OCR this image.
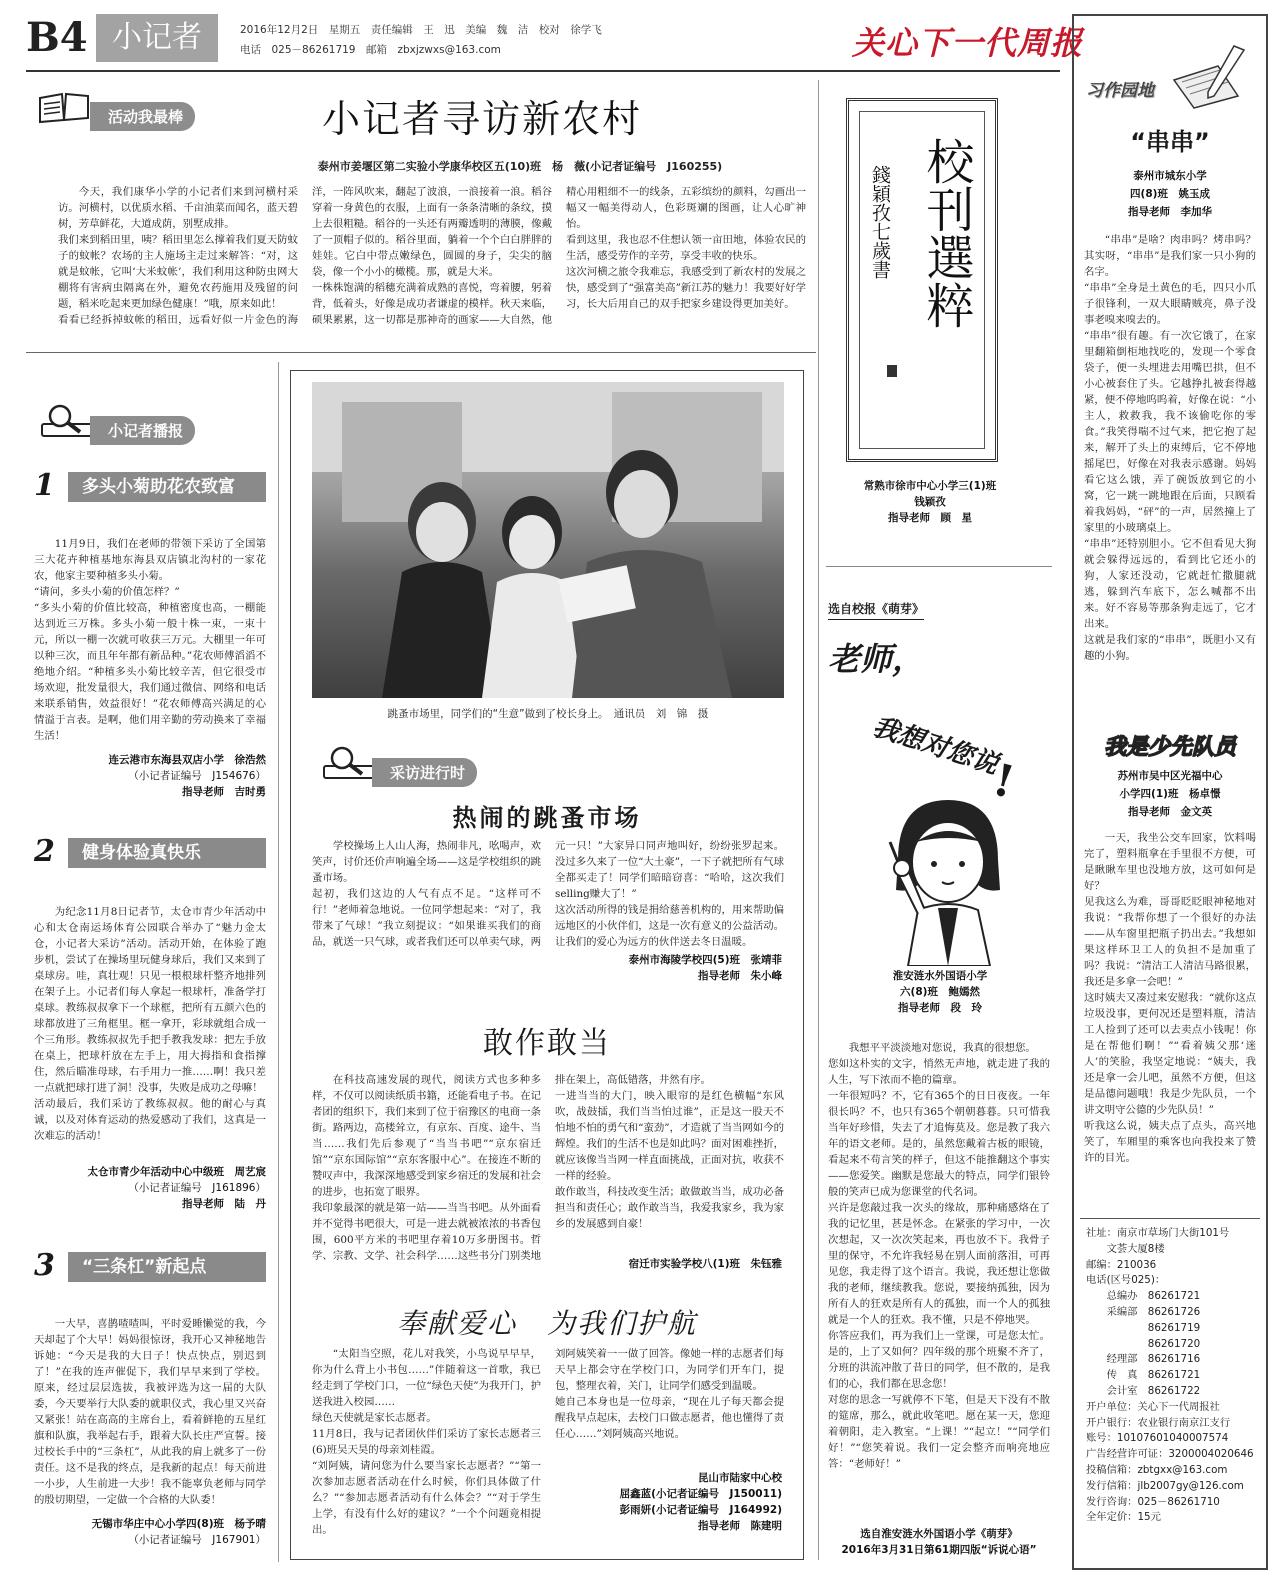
B4 小记者	2016年12月2日　星期五　责任编辑　王　迅　美编　魏　洁　校对　徐学飞
电话　025－86261719　邮箱　zbxjzwxs@163.com	关心下一代周报
活动我最棒	小记者寻访新农村
泰州市姜堰区第二实验小学康华校区五(10)班　杨　薇(小记者证编号　J160255)
今天，我们康华小学的小记者们来到河横村采访。河横村，以优质水稻、千亩油菜而闻名，蓝天碧树，芳草鲜花，大道成荫，别墅成排。
我们来到稻田里，咦？稻田里怎么撑着我们夏天防蚊子的蚊帐？农场的主人施场主走过来解答：“对，这就是蚊帐，它叫‘大米蚊帐’，我们利用这种防虫网大棚将有害病虫隔离在外，避免农药施用及残留的问题，稻米吃起来更加绿色健康！”哦，原来如此！
看看已经拆掉蚊帐的稻田，远看好似一片金色的海洋，一阵风吹来，翻起了波浪，一浪接着一浪。稻谷穿着一身黄色的衣服，上面有一条条清晰的条纹，摸上去很粗糙。稻谷的一头还有两瓣透明的薄膜，像戴了一顶帽子似的。稻谷里面，躺着一个个白白胖胖的娃娃。它白中带点嫩绿色，圆圆的身子，尖尖的脑袋，像一个小小的橄榄。那，就是大米。
一株株饱满的稻穗充满着成熟的喜悦，弯着腰，躬着背，低着头，好像是成功者谦虚的模样。秋天来临，硕果累累，这一切都是那神奇的画家——大自然，他精心用粗细不一的线条，五彩缤纷的颜料，勾画出一幅又一幅美得动人，色彩斑斓的图画，让人心旷神怡。
看到这里，我也忍不住想认领一亩田地，体验农民的生活，感受劳作的辛劳，享受丰收的快乐。
这次河横之旅令我难忘，我感受到了新农村的发展之快，感受到了“强富美高”新江苏的魅力！我要好好学习，长大后用自己的双手把家乡建设得更加美好。
錢穎孜七歲書 校刊選粹
常熟市徐市中心小学三(1)班
钱颖孜
指导老师　顾　星
小记者播报
1	多头小菊助花农致富
11月9日，我们在老师的带领下采访了全国第三大花卉种植基地东海县双店镇北沟村的一家花农，他家主要种植多头小菊。
“请问，多头小菊的价值怎样？”
“多头小菊的价值比较高，种植密度也高，一棚能达到近三万株。多头小菊一般十株一束，一束十元，所以一棚一次就可收获三万元。大棚里一年可以种三次，而且年年都有新品种。”花农师傅滔滔不绝地介绍。“种植多头小菊比较辛苦，但它很受市场欢迎，批发量很大，我们通过微信、网络和电话来联系销售，效益很好！”花农师傅高兴满足的心情溢于言表。是啊，他们用辛勤的劳动换来了幸福生活！
连云港市东海县双店小学　徐浩然
（小记者证编号　J154676）
指导老师　吉时勇
2	健身体验真快乐
为纪念11月8日记者节，太仓市青少年活动中心和太仓南运场体育公园联合举办了“魅力金太仓，小记者大采访”活动。活动开始，在体验了跑步机，尝试了在操场里玩健身球后，我们又来到了桌球房。哇，真壮观！只见一根根球杆整齐地排列在架子上。小记者们每人拿起一根球杆，准备学打桌球。教练叔叔拿下一个球框，把所有五颜六色的球都放进了三角框里。框一拿开，彩球就组合成一个三角形。教练叔叔先手把手教我发球：把左手放在桌上，把球杆放在左手上，用大拇指和食指撑住，然后瞄准母球，右手用力一推……啊！我只差一点就把球打进了洞！没事，失败是成功之母嘛！
活动最后，我们采访了教练叔叔。他的耐心与真诚，以及对体育运动的热爱感动了我们，这真是一次难忘的活动！
太仓市青少年活动中心中级班　周艺宸
（小记者证编号　J161896）
指导老师　陆　丹
3	“三条杠”新起点
一大早，喜鹊喳喳叫，平时爱睡懒觉的我，今天却起了个大早！妈妈很惊讶，我开心又神秘地告诉她：“今天是我的大日子！快点快点，别迟到了！”在我的连声催促下，我们早早来到了学校。原来，经过层层选拔，我被评选为这一届的大队委，今天要举行大队委的就职仪式，我心里又兴奋又紧张！站在高高的主席台上，看着鲜艳的五星红旗和队旗，我举起右手，跟着大队长庄严宣誓。接过校长手中的“三条杠”，从此我的肩上就多了一份责任。这不是我的终点，是我新的起点！每天前进一小步，人生前进一大步！我不能辜负老师与同学的殷切期望，一定做一个合格的大队委！
无锡市华庄中心小学四(8)班　杨予晴
（小记者证编号　J167901）
跳蚤市场里，同学们的“生意”做到了校长身上。　通讯员　刘　锦　摄
采访进行时
热闹的跳蚤市场
学校操场上人山人海，热闹非凡，吆喝声，欢笑声，讨价还价声响遍全场——这是学校组织的跳蚤市场。
起初，我们这边的人气有点不足。“这样可不行！”老师着急地说。一位同学想起来：“对了，我带来了气球！”我立刻提议：“如果谁买我们的商品，就送一只气球，或者我们还可以单卖气球，两元一只！”大家异口同声地叫好，纷纷张罗起来。没过多久来了一位“大土豪”，一下子就把所有气球全都买走了！同学们暗暗窃喜：“哈哈，这次我们selling赚大了！”
这次活动所得的钱是捐给慈善机构的，用来帮助偏远地区的小伙伴们，这是一次有意义的公益活动。让我们的爱心为远方的伙伴送去冬日温暖。
泰州市海陵学校四(5)班　张靖菲
指导老师　朱小峰
敢作敢当
在科技高速发展的现代，阅读方式也多种多样，不仅可以阅读纸质书籍，还能看电子书。在记者团的组织下，我们来到了位于宿豫区的电商一条街。路两边，高楼耸立，有京东、百度、途牛、当当……我们先后参观了“当当书吧”“京东宿迁馆”“京东国际馆”“京东客服中心”。在接连不断的赞叹声中，我深深地感受到家乡宿迁的发展和社会的进步，也拓宽了眼界。
我印象最深的就是第一站——当当书吧。从外面看并不觉得书吧很大，可是一进去就被浓浓的书香包围，600平方米的书吧里存着10万多册图书。哲学、宗教、文学、社会科学……这些书分门别类地排在架上，高低错落，井然有序。
一进当当的大门，映入眼帘的是红色横幅“东风吹，战鼓擂，我们当当怕过谁”，正是这一股天不怕地不怕的勇气和“蛮劲”，才造就了当当网如今的辉煌。我们的生活不也是如此吗？面对困难挫折，就应该像当当网一样直面挑战，正面对抗，收获不一样的经验。
敢作敢当，科技改变生活；敢做敢当当，成功必备担当和责任心；敢作敢当当，我爱我家乡，我为家乡的发展感到自豪！
宿迁市实验学校八(1)班　朱钰雅
奉献爱心　为我们护航
“太阳当空照，花儿对我笑，小鸟说早早早，你为什么背上小书包……”伴随着这一首歌，我已经走到了学校门口，一位“绿色天使”为我开门，护送我进入校园……
绿色天使就是家长志愿者。
11月8日，我与记者团伙伴们采访了家长志愿者三(6)班吴天昊的母亲刘桂霞。
“刘阿姨，请问您为什么要当家长志愿者？”“第一次参加志愿者活动在什么时候，你们具体做了什么？”“参加志愿者活动有什么体会？”“对于学生上学，有没有什么好的建议？”一个个问题竟相提出。
刘阿姨笑着一一做了回答。像她一样的志愿者们每天早上都会守在学校门口，为同学们开车门，提包，整理衣着，关门，让同学们感受到温暖。
她自己本身也是一位母亲，“现在儿子每天都会提醒我早点起床，去校门口做志愿者，他也懂得了责任心……”刘阿姨高兴地说。
昆山市陆家中心校
屈鑫蓝(小记者证编号　J150011)
彭雨妍(小记者证编号　J164992)
指导老师　陈建明
选自校报《萌芽》
老师，
我想对您说
!
淮安涟水外国语小学
六(8)班　鲍嫣然
指导老师　段　玲
我想平平淡淡地对您说，我真的很想您。
您如这朴实的文字，悄然无声地，就走进了我的人生，写下浓而不艳的篇章。
一年很短吗？不，它有365个的日日夜夜。一年很长吗？不，也只有365个朝朝暮暮。只可惜我当年好珍惜，失去了才追悔莫及。您是教了我六年的语文老师。是的，虽然您戴着古板的眼镜，看起来不苟言笑的样子，但这不能推翻这个事实——您爱笑。幽默是您最大的特点，同学们银铃般的笑声已成为您课堂的代名词。
兴许是您敲过我一次头的缘故，那种痛感烙在了我的记忆里，甚是怀念。在紧张的学习中，一次次想起，又一次次笑起来，再也放不下。我骨子里的保守，不允许我轻易在别人面前落泪，可再见您，我走得了这个语言。我说，我还想让您做我的老师，继续教我。您说，要接纳孤独，因为所有人的狂欢是所有人的孤独，而一个人的孤独就是一个人的狂欢。我不懂，只是不停地哭。
你答应我们，再为我们上一堂课，可是您太忙。是的，上了又如何？四年级的那个班聚不齐了，分班的洪流冲散了昔日的同学，但不散的，是我们的心，我们都在思念您！
对您的思念一写就停不下笔，但是天下没有不散的筵席，那么，就此收笔吧。愿在某一天，您迎着朝阳，走入教室。“上课！”“起立！”“同学们好！”“您笑着说。我们一定会整齐而响亮地应答：“老师好！”
选自淮安涟水外国语小学《萌芽》
2016年3月31日第61期四版“诉说心语”
习作园地
“串串”
泰州市城东小学
四(8)班　姚玉成
指导老师　李加华
“串串”是啥？肉串吗？烤串吗？其实呀，“串串”是我们家一只小狗的名字。
“串串”全身是土黄色的毛，四只小爪子很锋利，一双大眼睛贼亮，鼻子没事老嗅来嗅去的。
“串串”很有趣。有一次它饿了，在家里翻箱倒柜地找吃的，发现一个零食袋子，便一头埋进去用嘴巴拱，但不小心被套住了头。它越挣扎被套得越紧，便不停地呜呜着，好像在说：“小主人，救救我，我不该偷吃你的零食。”我笑得喘不过气来，把它抱了起来，解开了头上的束缚后，它不停地摇尾巴，好像在对我表示感谢。妈妈看它这么饿，弄了碗饭放到它的小窝，它一跳一跳地跟在后面，只顾看着我妈妈，“砰”的一声，居然撞上了家里的小玻璃桌上。
“串串”还特别胆小。它不但看见大狗就会躲得远远的，看到比它还小的狗，人家还没动，它就赶忙撒腿就逃，躲到汽车底下，怎么喊都不出来。好不容易等那条狗走远了，它才出来。
这就是我们家的“串串”，既胆小又有趣的小狗。
我是少先队员
苏州市吴中区光福中心
小学四(1)班　杨卓憬
指导老师　金文英
一天，我坐公交车回家，饮料喝完了，塑料瓶拿在手里很不方便，可是瞅瞅车里也没地方放，这可如何是好？
见我这么为难，哥哥眨眨眼神秘地对我说：“我帮你想了一个很好的办法——从车窗里把瓶子扔出去。”我想如果这样环卫工人的负担不是加重了吗？我说：“清洁工人清洁马路很累，我还是多拿一会吧！”
这时姨夫又凑过来安慰我：“就你这点垃圾没事，更何况还是塑料瓶，清洁工人捡到了还可以去卖点小钱呢！你是在帮他们啊！”“看着姨父那‘迷人’的笑脸，我坚定地说：“姨夫，我还是拿一会儿吧，虽然不方便，但这是品德问题哦！我是少先队员，一个讲文明守公德的少先队员！”
听我这么说，姨夫点了点头，高兴地笑了，车厢里的乘客也向我投来了赞许的目光。
社址：南京市草场门大街101号
　　文荟大厦8楼
邮编：210036
电话(区号025)：
　　总编办　86261721
　　采编部　86261726
　　　　　　86261719
　　　　　　86261720
　　经理部　86261716
　　传　真　86261721
　　会计室　86261722
开户单位：关心下一代周报社
开户银行：农业银行南京江支行
账号：10107601040007574
广告经营许可证：3200004020646
投稿信箱：zbtgxx@163.com
发行信箱：jlb2007gy@126.com
发行咨询：025－86261710
全年定价：15元
